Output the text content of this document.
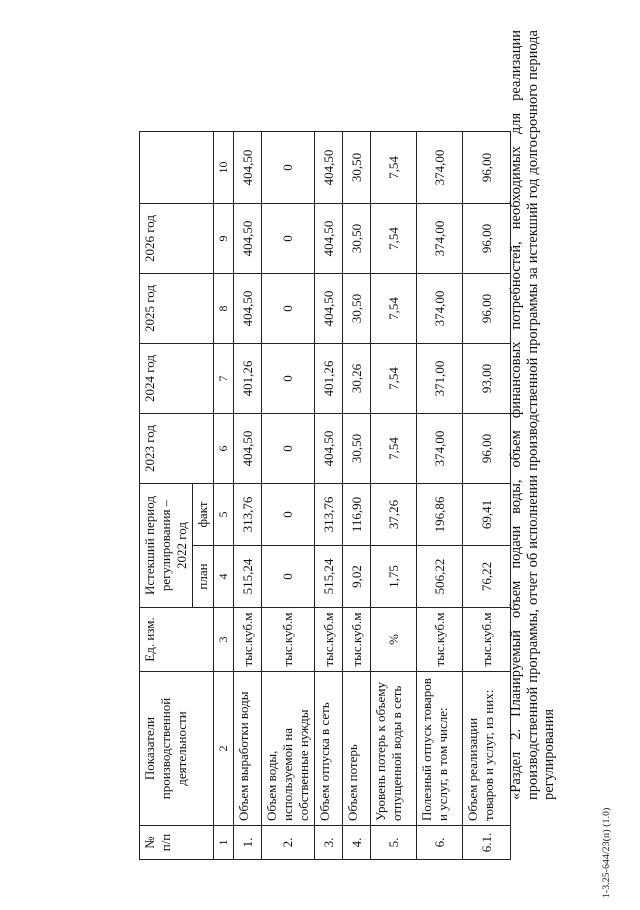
«Раздел 2. Планируемый объем подачи воды, объем финансовых потребностей, необходимых для реализации производственной программы, отчет об исполнении производственной программы за истекший год долгосрочного периода регулирования
№ п/п	Показатели производственной деятельности	Ед. изм.	Истекший период регулирования – 2022 год		2023 год	2024 год	2025 год	2026 год	
			план	факт					
1	2	3	4	5	6	7	8	9	10
1.	Объем выработки воды	тыс.куб.м	515,24	313,76	404,50	401,26	404,50	404,50	404,50
2.	Объем воды, используемой на собственные нужды	тыс.куб.м	0	0	0	0	0	0	0
3.	Объем отпуска в сеть	тыс.куб.м	515,24	313,76	404,50	401,26	404,50	404,50	404,50
4.	Объем потерь	тыс.куб.м	9,02	116,90	30,50	30,26	30,50	30,50	30,50
5.	Уровень потерь к объему отпущенной воды в сеть	%	1,75	37,26	7,54	7,54	7,54	7,54	7,54
6.	Полезный отпуск товаров и услуг, в том числе:	тыс.куб.м	506,22	196,86	374,00	371,00	374,00	374,00	374,00
6.1.	Объем реализации товаров и услуг, из них:	тыс.куб.м	76,22	69,41	96,00	93,00	96,00	96,00	96,00
1-3.25-644/23(п) (1.0)
